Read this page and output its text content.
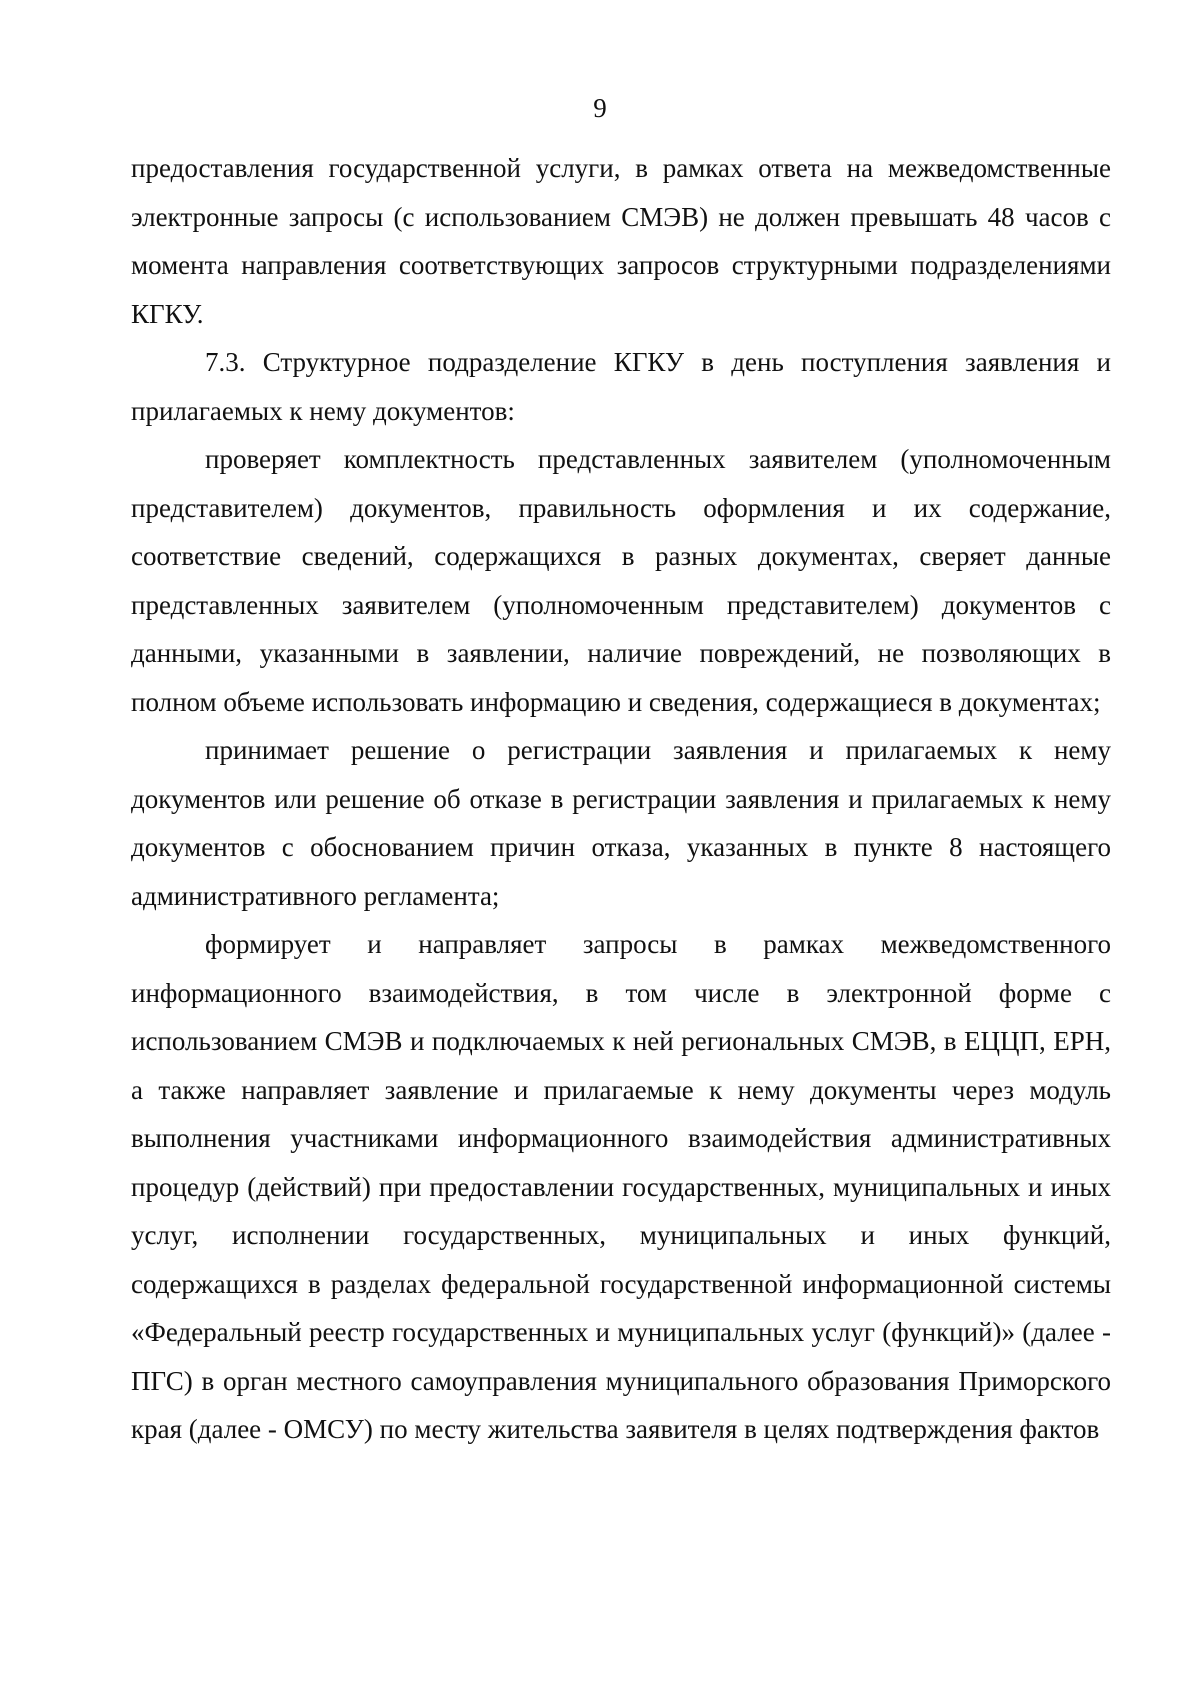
9

предоставления государственной услуги, в рамках ответа на межведомственные электронные запросы (с использованием СМЭВ) не должен превышать 48 часов с момента направления соответствующих запросов структурными подразделениями КГКУ.

7.3. Структурное подразделение КГКУ в день поступления заявления и прилагаемых к нему документов:

проверяет комплектность представленных заявителем (уполномоченным представителем) документов, правильность оформления и их содержание, соответствие сведений, содержащихся в разных документах, сверяет данные представленных заявителем (уполномоченным представителем) документов с данными, указанными в заявлении, наличие повреждений, не позволяющих в полном объеме использовать информацию и сведения, содержащиеся в документах;

принимает решение о регистрации заявления и прилагаемых к нему документов или решение об отказе в регистрации заявления и прилагаемых к нему документов с обоснованием причин отказа, указанных в пункте 8 настоящего административного регламента;

формирует и направляет запросы в рамках межведомственного информационного взаимодействия, в том числе в электронной форме с использованием СМЭВ и подключаемых к ней региональных СМЭВ, в ЕЦЦП, ЕРН, а также направляет заявление и прилагаемые к нему документы через модуль выполнения участниками информационного взаимодействия административных процедур (действий) при предоставлении государственных, муниципальных и иных услуг, исполнении государственных, муниципальных и иных функций, содержащихся в разделах федеральной государственной информационной системы «Федеральный реестр государственных и муниципальных услуг (функций)» (далее - ПГС) в орган местного самоуправления муниципального образования Приморского края (далее - ОМСУ) по месту жительства заявителя в целях подтверждения фактов
